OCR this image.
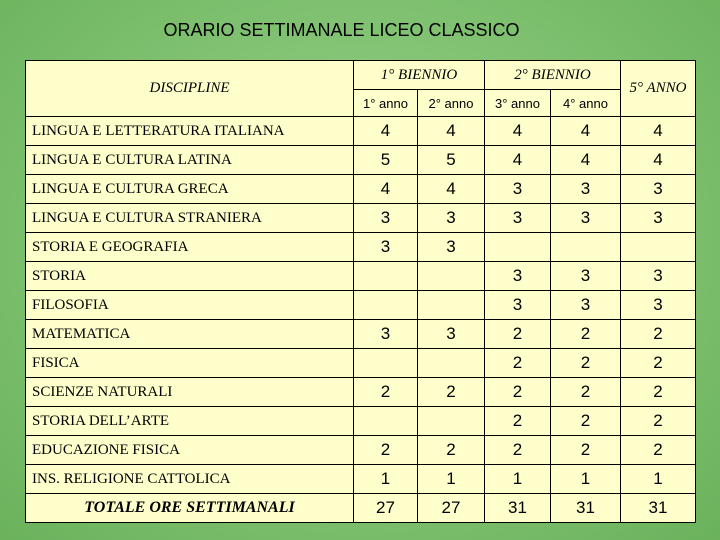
ORARIO SETTIMANALE LICEO CLASSICO
DISCIPLINE	1° BIENNIO		2° BIENNIO		5° ANNO
	1° anno	2° anno	3° anno	4° anno	
LINGUA E LETTERATURA ITALIANA	4	4	4	4	4
LINGUA E CULTURA LATINA	5	5	4	4	4
LINGUA E CULTURA GRECA	4	4	3	3	3
LINGUA E CULTURA STRANIERA	3	3	3	3	3
STORIA E GEOGRAFIA	3	3			
STORIA			3	3	3
FILOSOFIA			3	3	3
MATEMATICA	3	3	2	2	2
FISICA			2	2	2
SCIENZE NATURALI	2	2	2	2	2
STORIA DELL’ARTE			2	2	2
EDUCAZIONE FISICA	2	2	2	2	2
INS. RELIGIONE CATTOLICA	1	1	1	1	1
TOTALE ORE SETTIMANALI	27	27	31	31	31
